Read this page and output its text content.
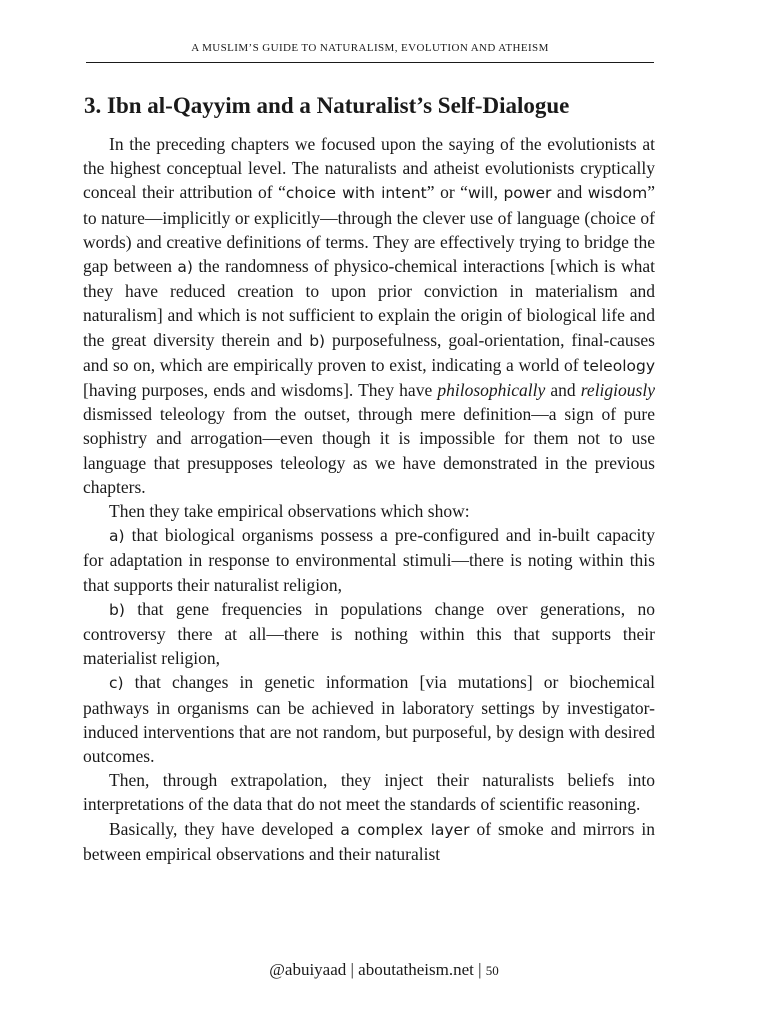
A MUSLIM’S GUIDE TO NATURALISM, EVOLUTION AND ATHEISM
3. Ibn al-Qayyim and a Naturalist’s Self-Dialogue

In the preceding chapters we focused upon the saying of the evolutionists at the highest conceptual level. The naturalists and atheist evolutionists cryptically conceal their attribution of “choice with intent” or “will, power and wisdom” to nature—implicitly or explicitly—through the clever use of language (choice of words) and creative definitions of terms. They are effectively trying to bridge the gap between a) the randomness of physico-chemical interactions [which is what they have reduced creation to upon prior conviction in materialism and naturalism] and which is not sufficient to explain the origin of biological life and the great diversity therein and b) purposefulness, goal-orientation, final-causes and so on, which are empirically proven to exist, indicating a world of teleology [having purposes, ends and wisdoms]. They have philosophically and religiously dismissed teleology from the outset, through mere definition—a sign of pure sophistry and arrogation—even though it is impossible for them not to use language that presupposes teleology as we have demonstrated in the previous chapters.

Then they take empirical observations which show:

a) that biological organisms possess a pre-configured and in-built capacity for adaptation in response to environmental stimuli—there is noting within this that supports their naturalist religion,

b) that gene frequencies in populations change over generations, no controversy there at all—there is nothing within this that supports their materialist religion,

c) that changes in genetic information [via mutations] or biochemical pathways in organisms can be achieved in laboratory settings by investigator-induced interventions that are not random, but purposeful, by design with desired outcomes.

Then, through extrapolation, they inject their naturalists beliefs into interpretations of the data that do not meet the standards of scientific reasoning.

Basically, they have developed a complex layer of smoke and mirrors in between empirical observations and their naturalist

@abuiyaad | aboutatheism.net | 50
